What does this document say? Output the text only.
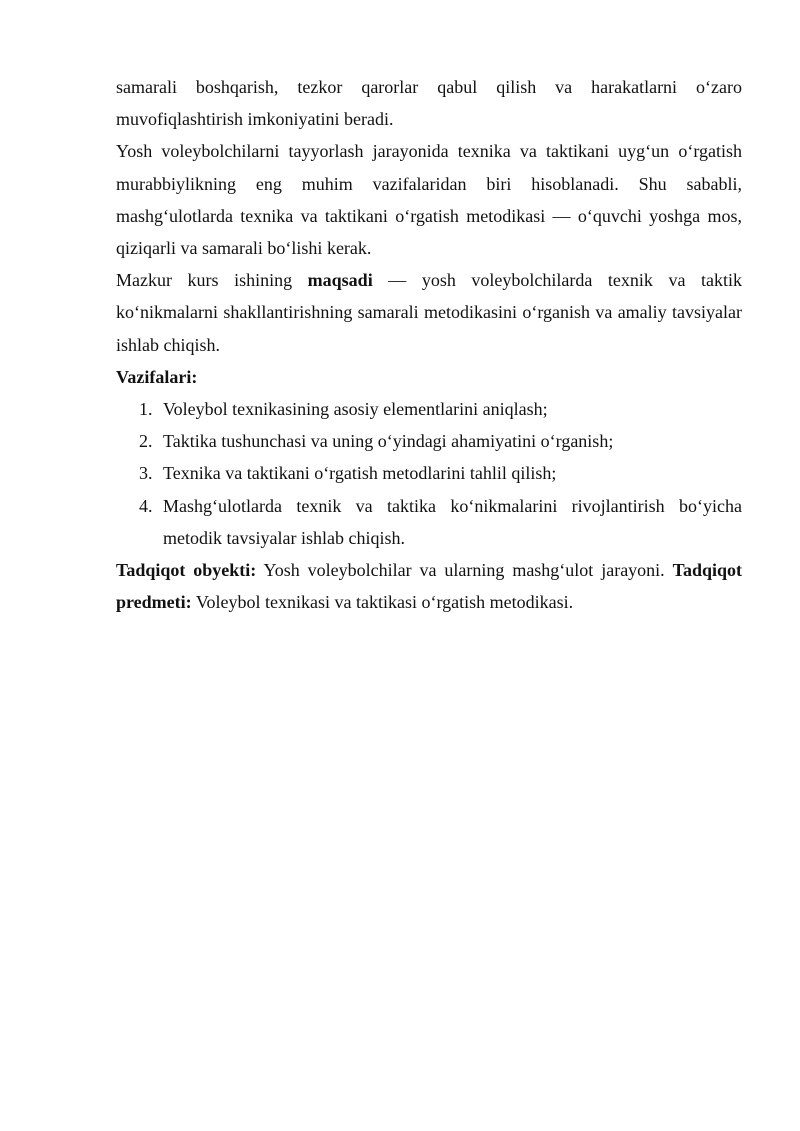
samarali boshqarish, tezkor qarorlar qabul qilish va harakatlarni o‘zaro muvofiqlashtirish imkoniyatini beradi.

Yosh voleybolchilarni tayyorlash jarayonida texnika va taktikani uyg‘un o‘rgatish murabbiylikning eng muhim vazifalaridan biri hisoblanadi. Shu sababli, mashg‘ulotlarda texnika va taktikani o‘rgatish metodikasi — o‘quvchi yoshga mos, qiziqarli va samarali bo‘lishi kerak.

Mazkur kurs ishining maqsadi — yosh voleybolchilarda texnik va taktik ko‘nikmalarni shakllantirishning samarali metodikasini o‘rganish va amaliy tavsiyalar ishlab chiqish.

Vazifalari:

1. Voleybol texnikasining asosiy elementlarini aniqlash;
2. Taktika tushunchasi va uning o‘yindagi ahamiyatini o‘rganish;
3. Texnika va taktikani o‘rgatish metodlarini tahlil qilish;
4. Mashg‘ulotlarda texnik va taktika ko‘nikmalarini rivojlantirish bo‘yicha metodik tavsiyalar ishlab chiqish.

Tadqiqot obyekti: Yosh voleybolchilar va ularning mashg‘ulot jarayoni. Tadqiqot predmeti: Voleybol texnikasi va taktikasi o‘rgatish metodikasi.
